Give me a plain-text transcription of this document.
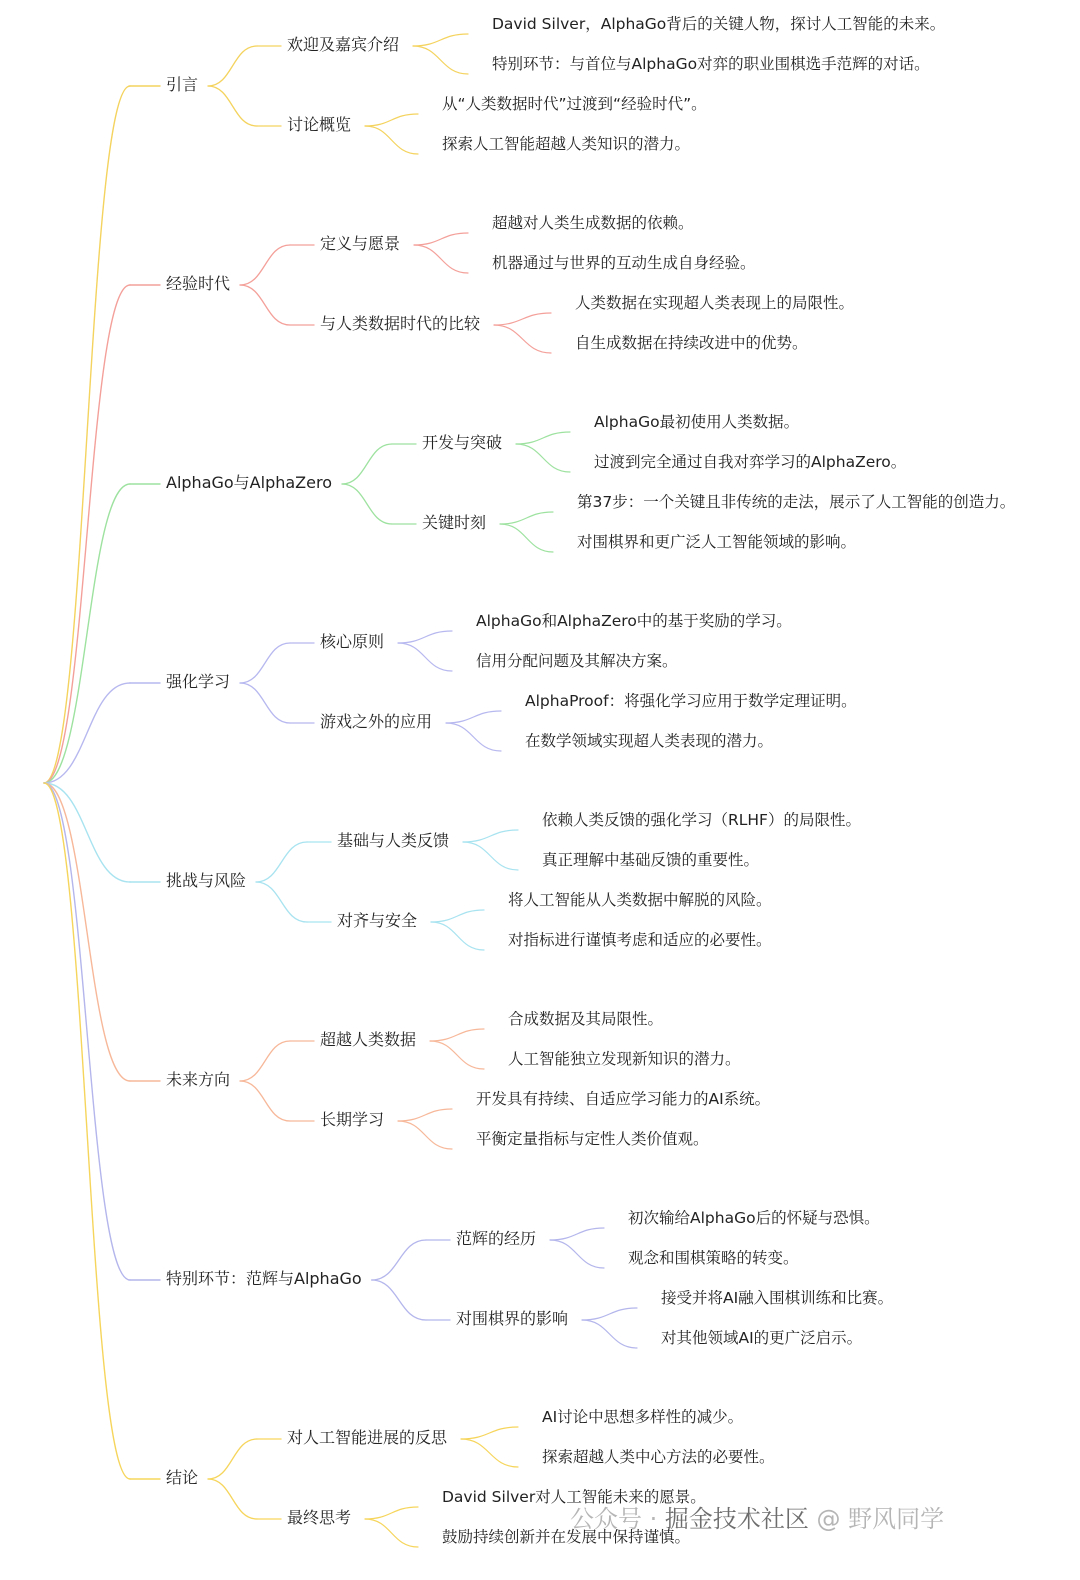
引言
欢迎及嘉宾介绍
David Silver，AlphaGo背后的关键人物，探讨人工智能的未来。
特别环节：与首位与AlphaGo对弈的职业围棋选手范辉的对话。
讨论概览
从“人类数据时代”过渡到“经验时代”。
探索人工智能超越人类知识的潜力。
经验时代
定义与愿景
超越对人类生成数据的依赖。
机器通过与世界的互动生成自身经验。
与人类数据时代的比较
人类数据在实现超人类表现上的局限性。
自生成数据在持续改进中的优势。
AlphaGo与AlphaZero
开发与突破
AlphaGo最初使用人类数据。
过渡到完全通过自我对弈学习的AlphaZero。
关键时刻
第37步：一个关键且非传统的走法，展示了人工智能的创造力。
对围棋界和更广泛人工智能领域的影响。
强化学习
核心原则
AlphaGo和AlphaZero中的基于奖励的学习。
信用分配问题及其解决方案。
游戏之外的应用
AlphaProof：将强化学习应用于数学定理证明。
在数学领域实现超人类表现的潜力。
挑战与风险
基础与人类反馈
依赖人类反馈的强化学习（RLHF）的局限性。
真正理解中基础反馈的重要性。
对齐与安全
将人工智能从人类数据中解脱的风险。
对指标进行谨慎考虑和适应的必要性。
未来方向
超越人类数据
合成数据及其局限性。
人工智能独立发现新知识的潜力。
长期学习
开发具有持续、自适应学习能力的AI系统。
平衡定量指标与定性人类价值观。
特别环节：范辉与AlphaGo
范辉的经历
初次输给AlphaGo后的怀疑与恐惧。
观念和围棋策略的转变。
对围棋界的影响
接受并将AI融入围棋训练和比赛。
对其他领域AI的更广泛启示。
结论
对人工智能进展的反思
AI讨论中思想多样性的减少。
探索超越人类中心方法的必要性。
最终思考
David Silver对人工智能未来的愿景。
鼓励持续创新并在发展中保持谨慎。
公众号 · 掘金技术社区 @ 野风同学
